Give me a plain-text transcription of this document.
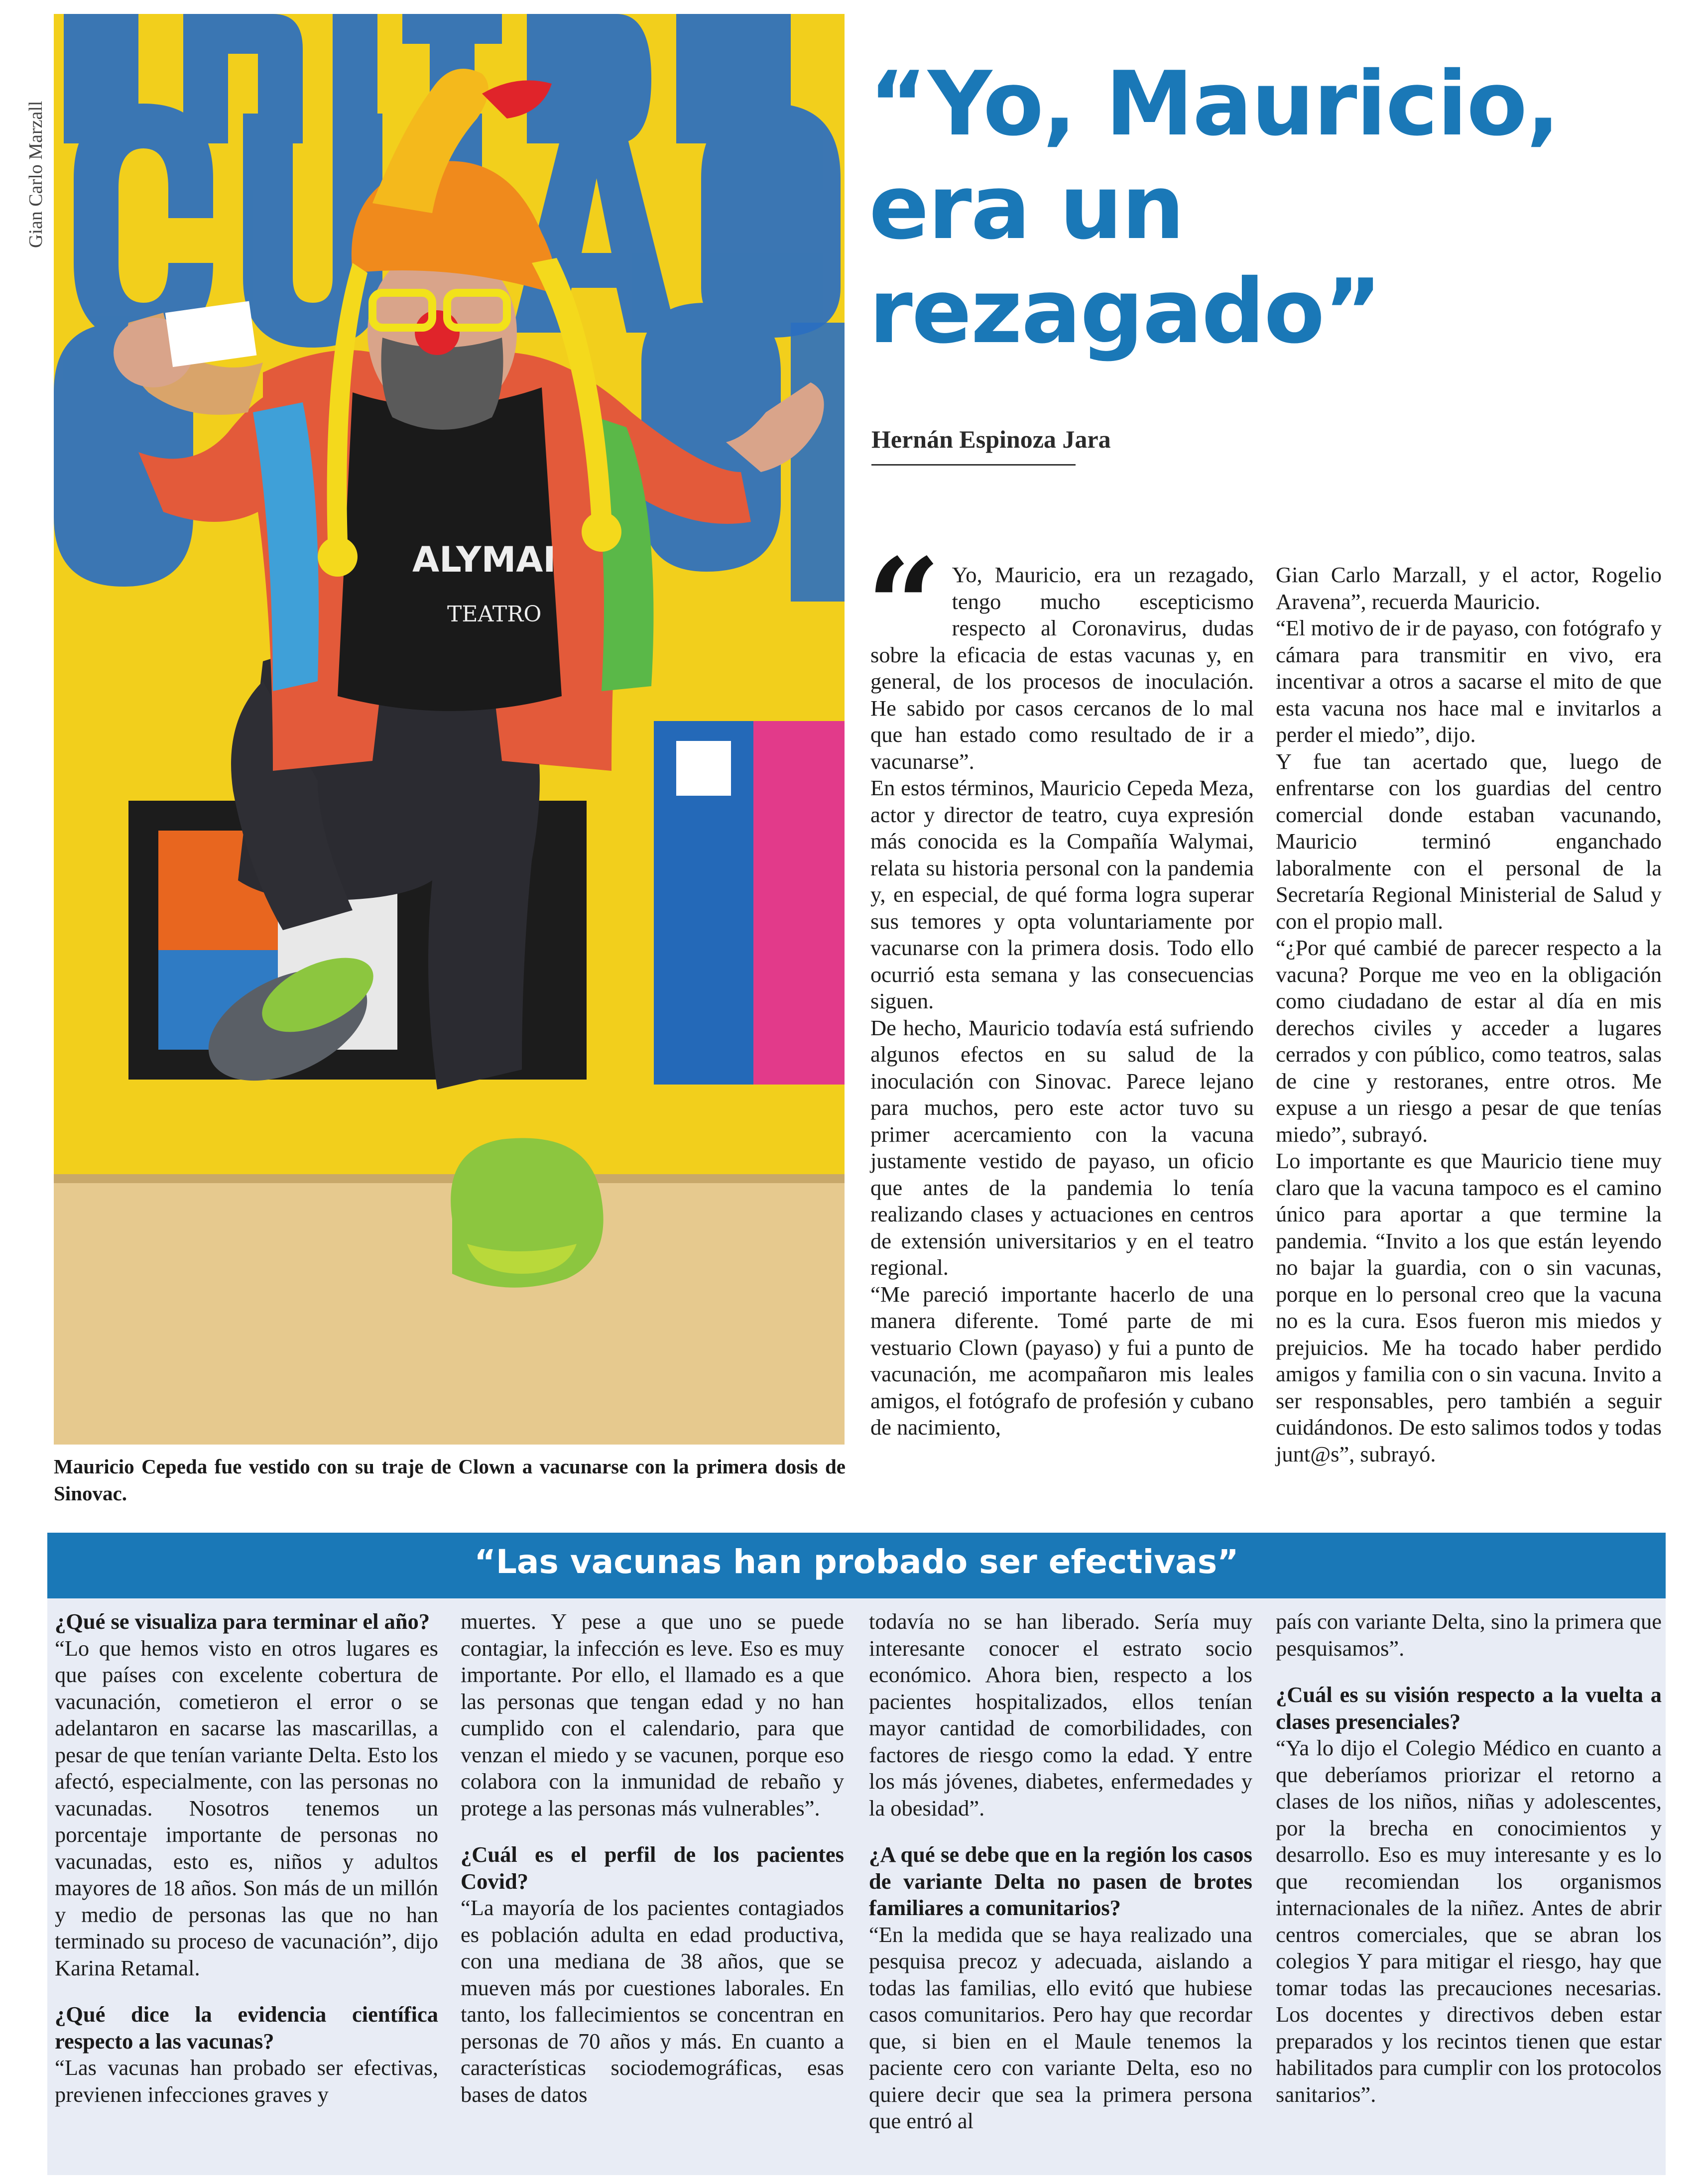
Gian Carlo Marzall
ALYMAI
TEATRO
Mauricio Cepeda fue vestido con su traje de Clown a vacunarse con la primera dosis de Sinovac.
“Yo, Mauricio, era un rezagado”
Hernán Espinoza Jara
“ Yo, Mauricio, era un rezagado, tengo mucho escepticismo respecto al Coronavirus, dudas sobre la eficacia de estas vacunas y, en general, de los procesos de inoculación. He sabido por casos cercanos de lo mal que han estado como resultado de ir a vacunarse”.

En estos términos, Mauricio Cepeda Meza, actor y director de teatro, cuya expresión más conocida es la Compañía Walymai, relata su historia personal con la pandemia y, en especial, de qué forma logra superar sus temores y opta voluntariamente por vacunarse con la primera dosis. Todo ello ocurrió esta semana y las consecuencias siguen.

De hecho, Mauricio todavía está sufriendo algunos efectos en su salud de la inoculación con Sinovac. Parece lejano para muchos, pero este actor tuvo su primer acercamiento con la vacuna justamente vestido de payaso, un oficio que antes de la pandemia lo tenía realizando clases y actuaciones en centros de extensión universitarios y en el teatro regional.

“Me pareció importante hacerlo de una manera diferente. Tomé parte de mi vestuario Clown (payaso) y fui a punto de vacunación, me acompañaron mis leales amigos, el fotógrafo de profesión y cubano de nacimiento,

Gian Carlo Marzall, y el actor, Rogelio Aravena”, recuerda Mauricio.

“El motivo de ir de payaso, con fotógrafo y cámara para transmitir en vivo, era incentivar a otros a sacarse el mito de que esta vacuna nos hace mal e invitarlos a perder el miedo”, dijo.

Y fue tan acertado que, luego de enfrentarse con los guardias del centro comercial donde estaban vacunando, Mauricio terminó enganchado laboralmente con el personal de la Secretaría Regional Ministerial de Salud y con el propio mall.

“¿Por qué cambié de parecer respecto a la vacuna? Porque me veo en la obligación como ciudadano de estar al día en mis derechos civiles y acceder a lugares cerrados y con público, como teatros, salas de cine y restoranes, entre otros. Me expuse a un riesgo a pesar de que tenías miedo”, subrayó.

Lo importante es que Mauricio tiene muy claro que la vacuna tampoco es el camino único para aportar a que termine la pandemia. “Invito a los que están leyendo no bajar la guardia, con o sin vacunas, porque en lo personal creo que la vacuna no es la cura. Esos fueron mis miedos y prejuicios. Me ha tocado haber perdido amigos y familia con o sin vacuna. Invito a ser responsables, pero también a seguir cuidándonos. De esto salimos todos y todas junt@s”, subrayó.

“Las vacunas han probado ser efectivas”

¿Qué se visualiza para terminar el año?

“Lo que hemos visto en otros lugares es que países con excelente cobertura de vacunación, cometieron el error o se adelantaron en sacarse las mascarillas, a pesar de que tenían variante Delta. Esto los afectó, especialmente, con las personas no vacunadas. Nosotros tenemos un porcentaje importante de personas no vacunadas, esto es, niños y adultos mayores de 18 años. Son más de un millón y medio de personas las que no han terminado su proceso de vacunación”, dijo Karina Retamal.

¿Qué dice la evidencia científica respecto a las vacunas?

“Las vacunas han probado ser efectivas, previenen infecciones graves y

muertes. Y pese a que uno se puede contagiar, la infección es leve. Eso es muy importante. Por ello, el llamado es a que las personas que tengan edad y no han cumplido con el calendario, para que venzan el miedo y se vacunen, porque eso colabora con la inmunidad de rebaño y protege a las personas más vulnerables”.

¿Cuál es el perfil de los pacientes Covid?

“La mayoría de los pacientes contagiados es población adulta en edad productiva, con una mediana de 38 años, que se mueven más por cuestiones laborales. En tanto, los fallecimientos se concentran en personas de 70 años y más. En cuanto a características sociodemográficas, esas bases de datos

todavía no se han liberado. Sería muy interesante conocer el estrato socio económico. Ahora bien, respecto a los pacientes hospitalizados, ellos tenían mayor cantidad de comorbilidades, con factores de riesgo como la edad. Y entre los más jóvenes, diabetes, enfermedades y la obesidad”.

¿A qué se debe que en la región los casos de variante Delta no pasen de brotes familiares a comunitarios?

“En la medida que se haya realizado una pesquisa precoz y adecuada, aislando a todas las familias, ello evitó que hubiese casos comunitarios. Pero hay que recordar que, si bien en el Maule tenemos la paciente cero con variante Delta, eso no quiere decir que sea la primera persona que entró al

país con variante Delta, sino la primera que pesquisamos”.

¿Cuál es su visión respecto a la vuelta a clases presenciales?

“Ya lo dijo el Colegio Médico en cuanto a que deberíamos priorizar el retorno a clases de los niños, niñas y adolescentes, por la brecha en conocimientos y desarrollo. Eso es muy interesante y es lo que recomiendan los organismos internacionales de la niñez. Antes de abrir centros comerciales, que se abran los colegios Y para mitigar el riesgo, hay que tomar todas las precauciones necesarias. Los docentes y directivos deben estar preparados y los recintos tienen que estar habilitados para cumplir con los protocolos sanitarios”.
